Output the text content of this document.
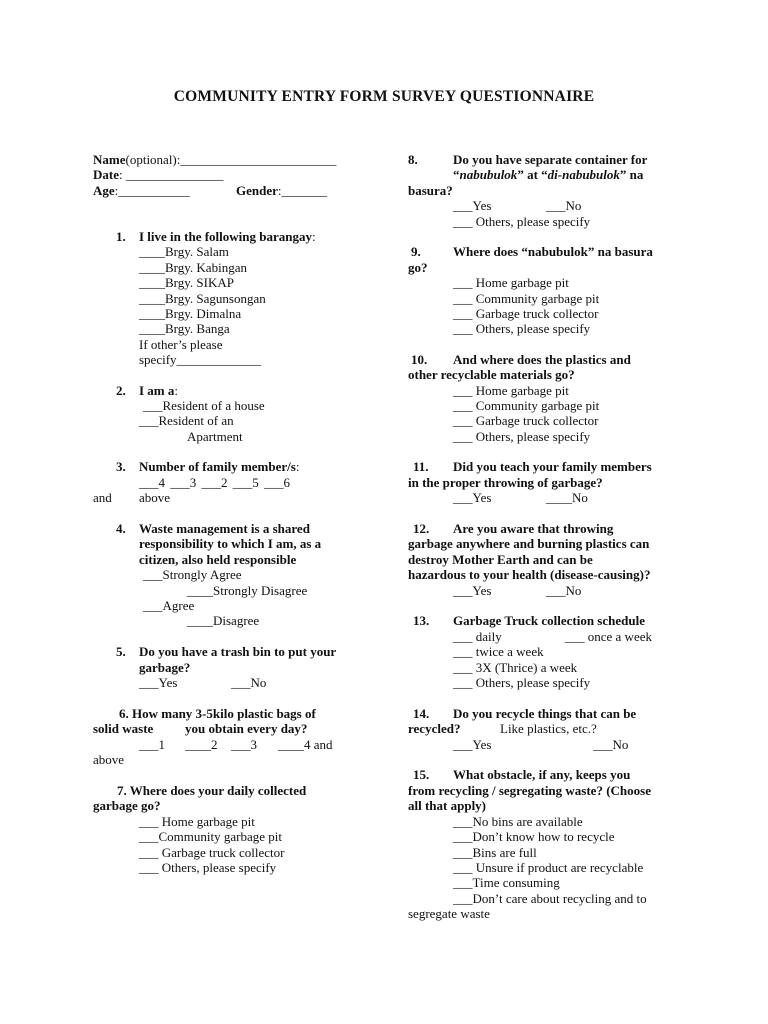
COMMUNITY ENTRY FORM SURVEY QUESTIONNAIRE
Name(optional):________________________
Date: _______________
Age:___________	Gender:_______
1. I live in the following barangay:
____Brgy. Salam
____Brgy. Kabingan
____Brgy. SIKAP
____Brgy. Sagunsongan
____Brgy. Dimalna
____Brgy. Banga
If other’s please
specify_____________
2. I am a:
___Resident of a house
___Resident of an
Apartment
3. Number of family member/s:
___4 ___3 ___2 ___5 ___6
and above
4. Waste management is a shared
responsibility to which I am, as a
citizen, also held responsible
___Strongly Agree
____Strongly Disagree
___Agree
____Disagree
5. Do you have a trash bin to put your
garbage?
___Yes	___No
6. How many 3-5kilo plastic bags of
solid waste you obtain every day?
___1 ____2 ___3 ____4 and
above
7. Where does your daily collected
garbage go?
___ Home garbage pit
___Community garbage pit
___ Garbage truck collector
___ Others, please specify
8.	Do you have separate container for
“nabubulok” at “di-nabubulok” na
basura?
___Yes	___No
___ Others, please specify
9. Where does “nabubulok” na basura
go?
___ Home garbage pit
___ Community garbage pit
___ Garbage truck collector
___ Others, please specify
10. And where does the plastics and
other recyclable materials go?
___ Home garbage pit
___ Community garbage pit
___ Garbage truck collector
___ Others, please specify
11. Did you teach your family members
in the proper throwing of garbage?
___Yes	____No
12. Are you aware that throwing
garbage anywhere and burning plastics can
destroy Mother Earth and can be
hazardous to your health (disease-causing)?
___Yes	___No
13. Garbage Truck collection schedule
___ daily	___ once a week
___ twice a week
___ 3X (Thrice) a week
___ Others, please specify
14. Do you recycle things that can be
recycled?	Like plastics, etc.?
___Yes	___No
15. What obstacle, if any, keeps you
from recycling / segregating waste? (Choose
all that apply)
___No bins are available
___Don’t know how to recycle
___Bins are full
___ Unsure if product are recyclable
___Time consuming
___Don’t care about recycling and to
segregate waste
